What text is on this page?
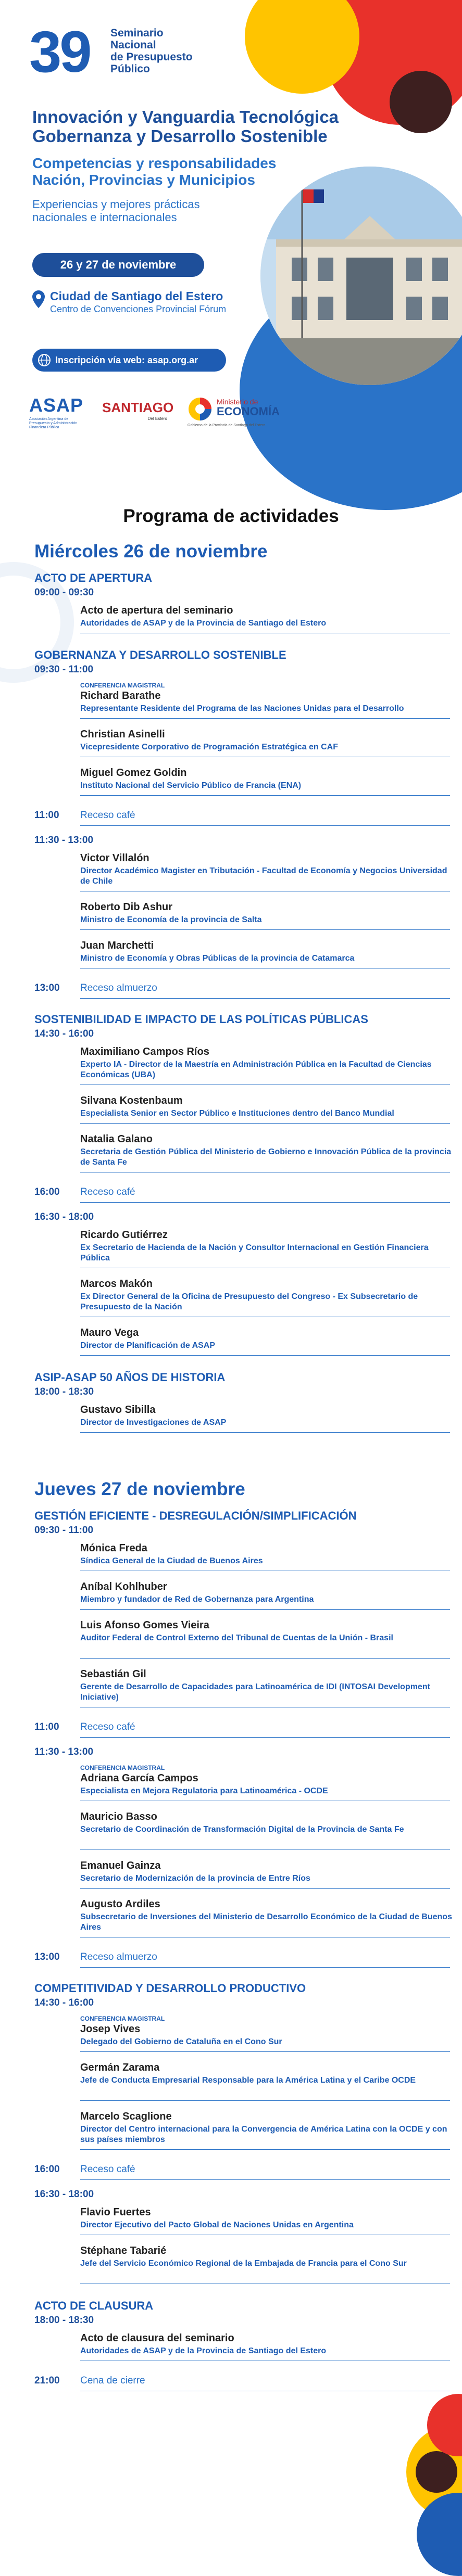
39 Seminario
Nacional
de Presupuesto
Público
Innovación y Vanguardia Tecnológica
Gobernanza y Desarrollo Sostenible
Competencias y responsabilidades
Nación, Provincias y Municipios
Experiencias y mejores prácticas
nacionales e internacionales
26 y 27 de noviembre
Ciudad de Santiago del Estero
Centro de Convenciones Provincial Fórum
Inscripción vía web: asap.org.ar
ASAP
Asociación Argentina de Presupuesto y Administración Financiera Pública
SANTIAGO
Del Estero
Ministerio de
ECONOMÍA
Gobierno de la Provincia de Santiago del Estero
Programa de actividades
Miércoles 26 de noviembre
ACTO DE APERTURA
09:00 - 09:30
Acto de apertura del seminario
Autoridades de ASAP y de la Provincia de Santiago del Estero
GOBERNANZA Y DESARROLLO SOSTENIBLE
09:30 - 11:00
CONFERENCIA MAGISTRAL
Richard Barathe
Representante Residente del Programa de las Naciones Unidas para el Desarrollo
Christian Asinelli
Vicepresidente Corporativo de Programación Estratégica en CAF
Miguel Gomez Goldin
Instituto Nacional del Servicio Público de Francia (ENA)
11:00 Receso café
11:30 - 13:00
Victor Villalón
Director Académico Magister en Tributación - Facultad de Economía y Negocios Universidad de Chile
Roberto Dib Ashur
Ministro de Economía de la provincia de Salta
Juan Marchetti
Ministro de Economía y Obras Públicas de la provincia de Catamarca
13:00 Receso almuerzo
SOSTENIBILIDAD E IMPACTO DE LAS POLÍTICAS PÚBLICAS
14:30 - 16:00
Maximiliano Campos Ríos
Experto IA - Director de la Maestría en Administración Pública en la Facultad de Ciencias Económicas (UBA)
Silvana Kostenbaum
Especialista Senior en Sector Público e Instituciones dentro del Banco Mundial
Natalia Galano
Secretaria de Gestión Pública del Ministerio de Gobierno e Innovación Pública de la provincia de Santa Fe
16:00 Receso café
16:30 - 18:00
Ricardo Gutiérrez
Ex Secretario de Hacienda de la Nación y Consultor Internacional en Gestión Financiera Pública
Marcos Makón
Ex Director General de la Oficina de Presupuesto del Congreso - Ex Subsecretario de Presupuesto de la Nación
Mauro Vega
Director de Planificación de ASAP
ASIP-ASAP 50 AÑOS DE HISTORIA
18:00 - 18:30
Gustavo Sibilla
Director de Investigaciones de ASAP
Jueves 27 de noviembre
GESTIÓN EFICIENTE - DESREGULACIÓN/SIMPLIFICACIÓN
09:30 - 11:00
Mónica Freda
Síndica General de la Ciudad de Buenos Aires
Aníbal Kohlhuber
Miembro y fundador de Red de Gobernanza para Argentina
Luis Afonso Gomes Vieira
Auditor Federal de Control Externo del Tribunal de Cuentas de la Unión - Brasil
Sebastián Gil
Gerente de Desarrollo de Capacidades para Latinoamérica de IDI (INTOSAI Development Iniciative)
11:00 Receso café
11:30 - 13:00
CONFERENCIA MAGISTRAL
Adriana García Campos
Especialista en Mejora Regulatoria para Latinoamérica - OCDE
Mauricio Basso
Secretario de Coordinación de Transformación Digital de la Provincia de Santa Fe
Emanuel Gainza
Secretario de Modernización de la provincia de Entre Ríos
Augusto Ardiles
Subsecretario de Inversiones del Ministerio de Desarrollo Económico de la Ciudad de Buenos Aires
13:00 Receso almuerzo
COMPETITIVIDAD Y DESARROLLO PRODUCTIVO
14:30 - 16:00
CONFERENCIA MAGISTRAL
Josep Vives
Delegado del Gobierno de Cataluña en el Cono Sur
Germán Zarama
Jefe de Conducta Empresarial Responsable para la América Latina y el Caribe OCDE
Marcelo Scaglione
Director del Centro internacional para la Convergencia de América Latina con la OCDE y con sus países miembros
16:00 Receso café
16:30 - 18:00
Flavio Fuertes
Director Ejecutivo del Pacto Global de Naciones Unidas en Argentina
Stéphane Tabarié
Jefe del Servicio Económico Regional de la Embajada de Francia para el Cono Sur
ACTO DE CLAUSURA
18:00 - 18:30
Acto de clausura del seminario
Autoridades de ASAP y de la Provincia de Santiago del Estero
21:00 Cena de cierre
